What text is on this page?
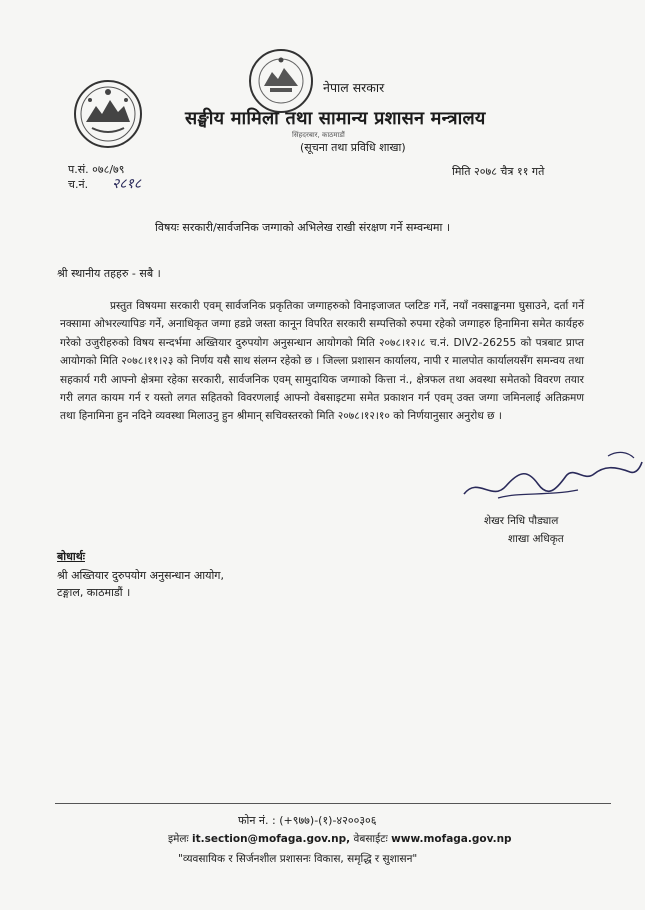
नेपाल सरकार
सङ्घीय मामिला तथा सामान्य प्रशासन मन्त्रालय
सिंहदरबार, काठमाडौं
(सूचना तथा प्रविधि शाखा)
प.सं. ०७८/७९
च.नं. २८१८
मिति २०७८ चैत्र ११ गते
विषयः सरकारी/सार्वजनिक जग्गाको अभिलेख राखी संरक्षण गर्ने सम्वन्धमा ।
श्री स्थानीय तहहरु - सबै ।
प्रस्तुत विषयमा सरकारी एवम् सार्वजनिक प्रकृतिका जग्गाहरुको विनाइजाजत प्लटिङ गर्ने, नयाँ नक्साङ्कनमा घुसाउने, दर्ता गर्ने नक्सामा ओभरल्यापिङ गर्ने, अनाधिकृत जग्गा हडप्ने जस्ता कानून विपरित सरकारी सम्पत्तिको रुपमा रहेको जग्गाहरु हिनामिना समेत कार्यहरु गरेको उजुरीहरुको विषय सन्दर्भमा अख्तियार दुरुपयोग अनुसन्धान आयोगको मिति २०७८।१२।८ च.नं. DIV2-26255 को पत्रबाट प्राप्त आयोगको मिति २०७८।११।२३ को निर्णय यसै साथ संलग्न रहेको छ । जिल्ला प्रशासन कार्यालय, नापी र मालपोत कार्यालयसँग समन्वय तथा सहकार्य गरी आफ्नो क्षेत्रमा रहेका सरकारी, सार्वजनिक एवम् सामुदायिक जग्गाको कित्ता नं., क्षेत्रफल तथा अवस्था समेतको विवरण तयार गरी लगत कायम गर्न र यस्तो लगत सहितको विवरणलाई आफ्नो वेबसाइटमा समेत प्रकाशन गर्न एवम् उक्त जग्गा जमिनलाई अतिक्रमण तथा हिनामिना हुन नदिने व्यवस्था मिलाउनु हुन श्रीमान् सचिवस्तरको मिति २०७८।१२।१० को निर्णयानुसार अनुरोध छ ।
शेखर निधि पौड्याल
शाखा अधिकृत
बोधार्थः
श्री अख्तियार दुरुपयोग अनुसन्धान आयोग,
टङ्गाल, काठमाडौं ।
फोन नं. : (+९७७)-(१)-४२००३०६
इमेलः it.section@mofaga.gov.np, वेबसाईटः www.mofaga.gov.np
"व्यवसायिक र सिर्जनशील प्रशासनः विकास, समृद्धि र सुशासन"
